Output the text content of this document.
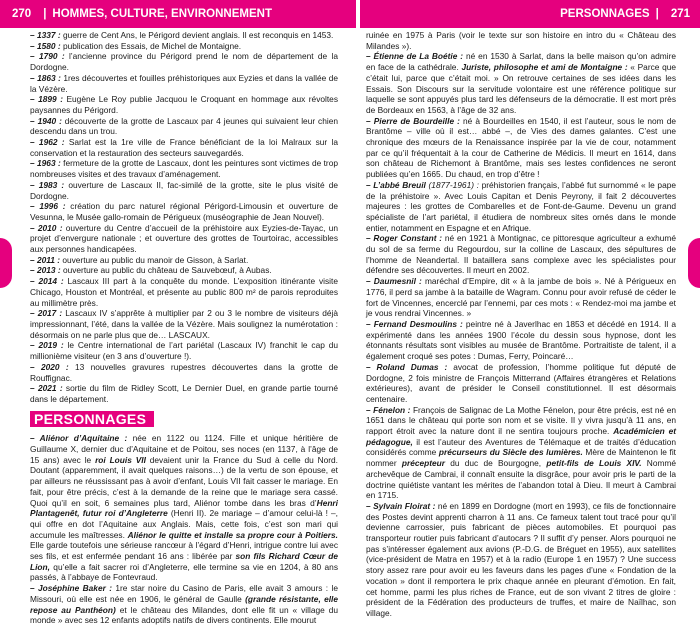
270	| HOMMES, CULTURE, ENVIRONNEMENT	PERSONNAGES |	271

– 1337 : guerre de Cent Ans, le Périgord devient anglais. Il est reconquis en 1453.

– 1580 : publication des Essais, de Michel de Montaigne.

– 1790 : l’ancienne province du Périgord prend le nom de département de la Dordogne.

– 1863 : 1res découvertes et fouilles préhistoriques aux Eyzies et dans la vallée de la Vézère.

– 1899 : Eugène Le Roy publie Jacquou le Croquant en hommage aux révoltes paysannes du Périgord.

– 1940 : découverte de la grotte de Lascaux par 4 jeunes qui suivaient leur chien descendu dans un trou.

– 1962 : Sarlat est la 1re ville de France bénéficiant de la loi Malraux sur la conservation et la restauration des secteurs sauvegardés.

– 1963 : fermeture de la grotte de Lascaux, dont les peintures sont victimes de trop nombreuses visites et des travaux d’aménagement.

– 1983 : ouverture de Lascaux II, fac-similé de la grotte, site le plus visité de Dordogne.

– 1996 : création du parc naturel régional Périgord-Limousin et ouverture de Vesunna, le Musée gallo-romain de Périgueux (muséographie de Jean Nouvel).

– 2010 : ouverture du Centre d’accueil de la préhistoire aux Eyzies-de-Tayac, un projet d’envergure nationale ; et ouverture des grottes de Tourtoirac, accessibles aux personnes handicapées.

– 2011 : ouverture au public du manoir de Gisson, à Sarlat.

– 2013 : ouverture au public du château de Sauvebœuf, à Aubas.

– 2014 : Lascaux III part à la conquête du monde. L’exposition itinérante visite Chicago, Houston et Montréal, et présente au public 800 m² de parois reproduites au millimètre près.

– 2017 : Lascaux IV s’apprête à multiplier par 2 ou 3 le nombre de visiteurs déjà impressionnant, l’été, dans la vallée de la Vézère. Mais soulignez la numérotation : désormais on ne parle plus que de… LASCAUX.

– 2019 : le Centre international de l’art pariétal (Lascaux IV) franchit le cap du millionième visiteur (en 3 ans d’ouverture !).

– 2020 : 13 nouvelles gravures rupestres découvertes dans la grotte de Rouffignac.

– 2021 : sortie du film de Ridley Scott, Le Dernier Duel, en grande partie tourné dans le département.

PERSONNAGES

– Aliénor d’Aquitaine : née en 1122 ou 1124. Fille et unique héritière de Guillaume X, dernier duc d’Aquitaine et de Poitou, ses noces (en 1137, à l’âge de 15 ans) avec le roi Louis VII devaient unir la France du Sud à celle du Nord. Doutant (apparemment, il avait quelques raisons…) de la vertu de son épouse, et par ailleurs ne réussissant pas à avoir d’enfant, Louis VII fait casser le mariage. En fait, pour être précis, c’est à la demande de la reine que le mariage sera cassé. Quoi qu’il en soit, 6 semaines plus tard, Aliénor tombe dans les bras d’Henri Plantagenêt, futur roi d’Angleterre (Henri II). 2e mariage – d’amour celui-là ! –, qui offre en dot l’Aquitaine aux Anglais. Mais, cette fois, c’est son mari qui accumule les maîtresses. Aliénor le quitte et installe sa propre cour à Poitiers. Elle garde toutefois une sérieuse rancœur à l’égard d’Henri, intrigue contre lui avec ses fils, et est enfermée pendant 16 ans : libérée par son fils Richard Cœur de Lion, qu’elle a fait sacrer roi d’Angleterre, elle termine sa vie en 1204, à 80 ans passés, à l’abbaye de Fontevraud.

– Joséphine Baker : 1re star noire du Casino de Paris, elle avait 3 amours : le Missouri, où elle est née en 1906, le général de Gaulle (grande résistante, elle repose au Panthéon) et le château des Milandes, dont elle fit un « village du monde » avec ses 12 enfants adoptifs natifs de divers continents. Elle mourut

ruinée en 1975 à Paris (voir le texte sur son histoire en intro du « Château des Milandes »).

– Étienne de La Boétie : né en 1530 à Sarlat, dans la belle maison qu’on admire en face de la cathédrale. Juriste, philosophe et ami de Montaigne : « Parce que c’était lui, parce que c’était moi. » On retrouve certaines de ses idées dans les Essais. Son Discours sur la servitude volontaire est une référence politique sur laquelle se sont appuyés plus tard les défenseurs de la démocratie. Il est mort près de Bordeaux en 1563, à l’âge de 32 ans.

– Pierre de Bourdeille : né à Bourdeilles en 1540, il est l’auteur, sous le nom de Brantôme – ville où il est… abbé –, de Vies des dames galantes. C’est une chronique des mœurs de la Renaissance inspirée par la vie de cour, notamment par ce qu’il fréquentait à la cour de Catherine de Médicis. Il meurt en 1614, dans son château de Richemont à Brantôme, mais ses lestes confidences ne seront publiées qu’en 1665. Du chaud, en trop d’être !

– L’abbé Breuil (1877-1961) : préhistorien français, l’abbé fut surnommé « le pape de la préhistoire ». Avec Louis Capitan et Denis Peyrony, il fait 2 découvertes majeures : les grottes de Combarelles et de Font-de-Gaume. Devenu un grand spécialiste de l’art pariétal, il étudiera de nombreux sites ornés dans le monde entier, notamment en Espagne et en Afrique.

– Roger Constant : né en 1921 à Montignac, ce pittoresque agriculteur a exhumé du sol de sa ferme du Regourdou, sur la colline de Lascaux, des sépultures de l’homme de Neandertal. Il bataillera sans complexe avec les spécialistes pour défendre ses découvertes. Il meurt en 2002.

– Daumesnil : maréchal d’Empire, dit « à la jambe de bois ». Né à Périgueux en 1776, il perd sa jambe à la bataille de Wagram. Connu pour avoir refusé de céder le fort de Vincennes, encerclé par l’ennemi, par ces mots : « Rendez-moi ma jambe et je vous rendrai Vincennes. »

– Fernand Desmoulins : peintre né à Javerlhac en 1853 et décédé en 1914. Il a expérimenté dans les années 1900 l’école du dessin sous hypnose, dont les étonnants résultats sont visibles au musée de Brantôme. Portraitiste de talent, il a également croqué ses potes : Dumas, Ferry, Poincaré…

– Roland Dumas : avocat de profession, l’homme politique fut député de Dordogne, 2 fois ministre de François Mitterrand (Affaires étrangères et Relations extérieures), avant de présider le Conseil constitutionnel. Il est désormais centenaire.

– Fénelon : François de Salignac de La Mothe Fénelon, pour être précis, est né en 1651 dans le château qui porte son nom et se visite. Il y vivra jusqu’à 11 ans, en rapport étroit avec la nature dont il ne sentira toujours proche. Académicien et pédagogue, il est l’auteur des Aventures de Télémaque et de traités d’éducation considérés comme précurseurs du Siècle des lumières. Mère de Maintenon le fit nommer précepteur du duc de Bourgogne, petit-fils de Louis XIV. Nommé archevêque de Cambrai, il connaît ensuite la disgrâce, pour avoir pris le parti de la doctrine quiétiste vantant les mérites de l’abandon total à Dieu. Il meurt à Cambrai en 1715.

– Sylvain Floirat : né en 1899 en Dordogne (mort en 1993), ce fils de fonctionnaire des Postes devint apprenti charron à 11 ans. Ce fameux talent tout tracé pour qu’il devienne carrossier, puis fabricant de pièces automobiles. Et pourquoi pas transporteur routier puis fabricant d’autocars ? Il suffit d’y penser. Alors pourquoi ne pas s’intéresser également aux avions (P.-D.G. de Bréguet en 1955), aux satellites (vice-président de Matra en 1957) et à la radio (Europe 1 en 1957) ? Une success story assez rare pour avoir eu les faveurs dans les pages d’une « Fondation de la vocation » dont il remportera le prix chaque année en pleurant d’émotion. En fait, cet homme, parmi les plus riches de France, eut de son vivant 2 titres de gloire : président de la Fédération des producteurs de truffes, et maire de Naïlhac, son village.
